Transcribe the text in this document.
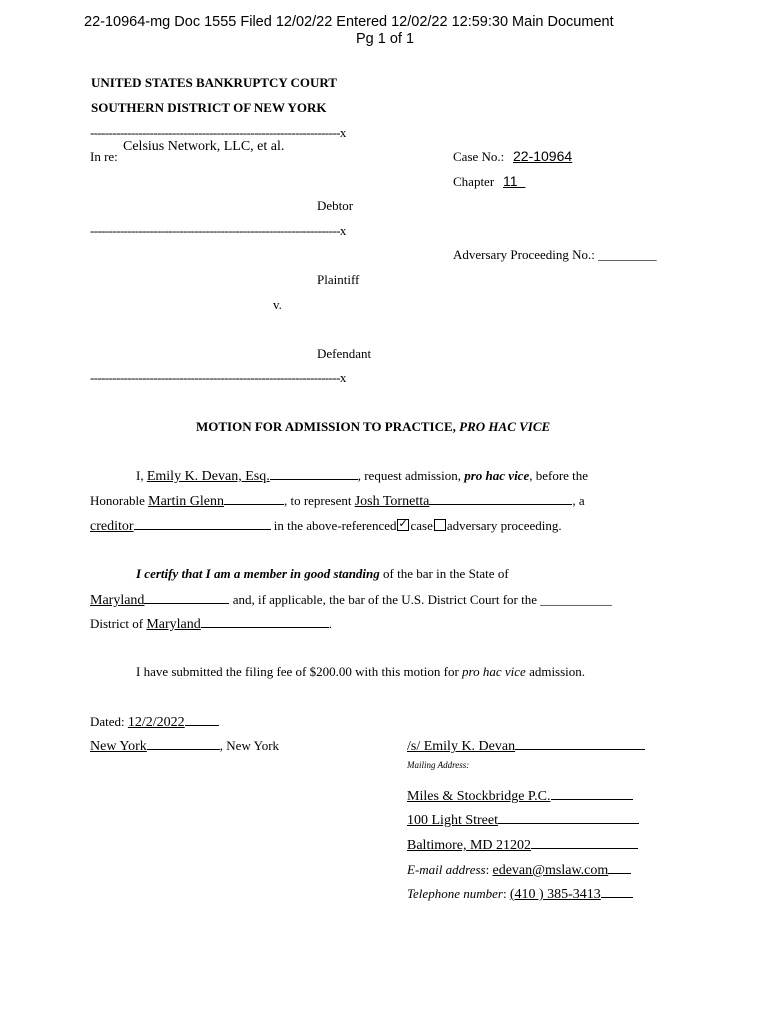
22-10964-mg Doc 1555 Filed 12/02/22 Entered 12/02/22 12:59:30 Main Document
Pg 1 of 1
UNITED STATES BANKRUPTCY COURT
SOUTHERN DISTRICT OF NEW YORK
-------------------------------------------------------------------x
In re:
Celsius Network, LLC, et al.
Case No.: 22-10964
Chapter 11
Debtor
-------------------------------------------------------------------x
Adversary Proceeding No.: _________
Plaintiff
v.
Defendant
-------------------------------------------------------------------x
MOTION FOR ADMISSION TO PRACTICE, PRO HAC VICE
I, Emily K. Devan, Esq.	, request admission, pro hac vice, before the
Honorable Martin Glenn	, to represent Josh Tornetta	, a
creditor	in the above-referenced ✓ case adversary proceeding.
I certify that I am a member in good standing of the bar in the State of
Maryland	and, if applicable, the bar of the U.S. District Court for the ___________
District of Maryland	.
I have submitted the filing fee of $200.00 with this motion for pro hac vice admission.
Dated: 12/2/2022
New York	, New York	/s/ Emily K. Devan
Mailing Address:
Miles & Stockbridge P.C.
100 Light Street
Baltimore, MD 21202
E-mail address: edevan@mslaw.com
Telephone number: (410 ) 385-3413
